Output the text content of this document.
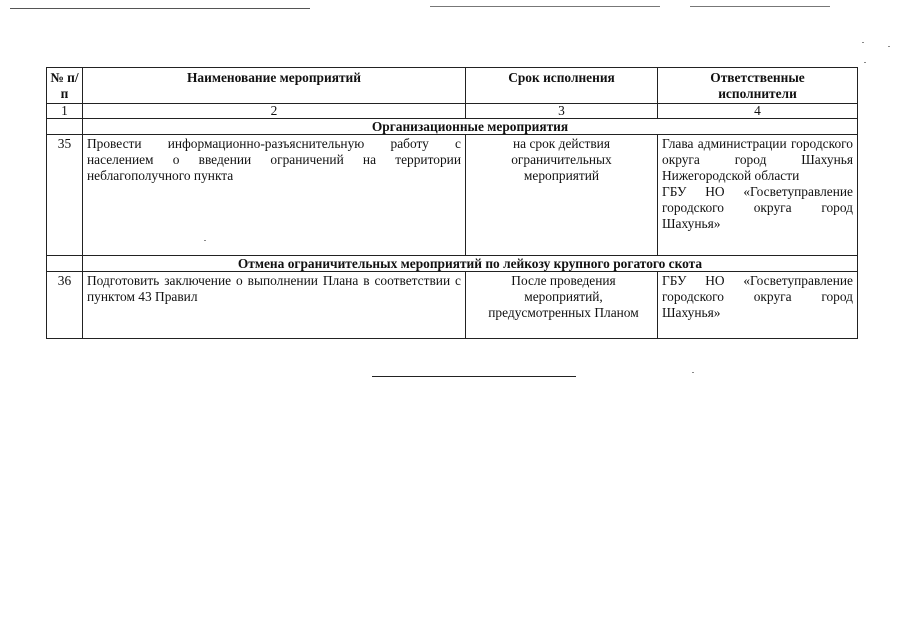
№ п/п	Наименование мероприятий	Срок исполнения	Ответственные исполнители
1	2	3	4
	Организационные мероприятия		
35	Провести информационно-разъяснительную работу с населением о введении ограничений на территории неблагополучного пункта	на срок действия ограничительных мероприятий	Глава администрации городского округа город Шахунья Нижегородской области
ГБУ НО «Госветуправление городского округа город Шахунья»

	Отмена ограничительных мероприятий по лейкозу крупного рогатого скота		
36	Подготовить заключение о выполнении Плана в соответствии с пунктом 43 Правил	После проведения мероприятий, предусмотренных Планом	ГБУ НО «Госветуправление городского округа город Шахунья»
